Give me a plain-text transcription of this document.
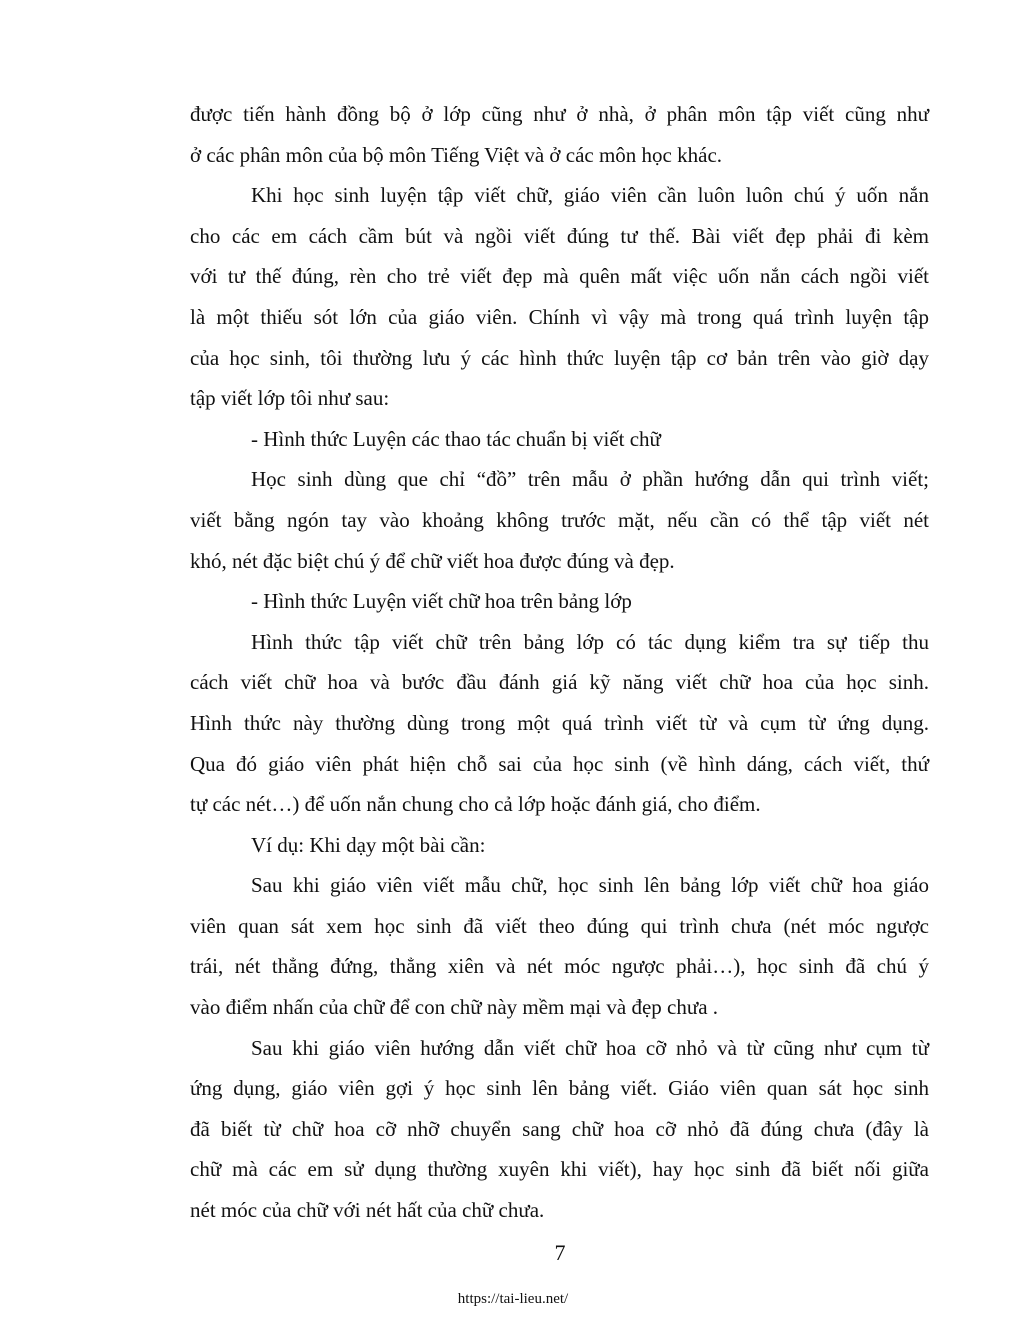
được tiến hành đồng bộ ở lớp cũng như ở nhà, ở phân môn tập viết cũng như
ở các phân môn của bộ môn Tiếng Việt và ở các môn học khác.

Khi học sinh luyện tập viết chữ, giáo viên cần luôn luôn chú ý uốn nắn
cho các em cách cầm bút và ngồi viết đúng tư thế. Bài viết đẹp phải đi kèm
với tư thế đúng, rèn cho trẻ viết đẹp mà quên mất việc uốn nắn cách ngồi viết
là một thiếu sót lớn của giáo viên. Chính vì vậy mà trong quá trình luyện tập
của học sinh, tôi thường lưu ý các hình thức luyện tập cơ bản trên vào giờ dạy
tập viết lớp tôi như sau:

- Hình thức Luyện các thao tác chuẩn bị viết chữ

Học sinh dùng que chỉ “đồ” trên mẫu ở phần hướng dẫn qui trình viết;
viết bằng ngón tay vào khoảng không trước mặt, nếu cần có thể tập viết nét
khó, nét đặc biệt chú ý để chữ viết hoa được đúng và đẹp.

- Hình thức Luyện viết chữ hoa trên bảng lớp

Hình thức tập viết chữ trên bảng lớp có tác dụng kiểm tra sự tiếp thu
cách viết chữ hoa và bước đầu đánh giá kỹ năng viết chữ hoa của học sinh.
Hình thức này thường dùng trong một quá trình viết từ và cụm từ ứng dụng.
Qua đó giáo viên phát hiện chỗ sai của học sinh (về hình dáng, cách viết, thứ
tự các nét…) để uốn nắn chung cho cả lớp hoặc đánh giá, cho điểm.

Ví dụ: Khi dạy một bài cần:

Sau khi giáo viên viết mẫu chữ, học sinh lên bảng lớp viết chữ hoa giáo
viên quan sát xem học sinh đã viết theo đúng qui trình chưa (nét móc ngược
trái, nét thẳng đứng, thẳng xiên và nét móc ngược phải…), học sinh đã chú ý
vào điểm nhấn của chữ để con chữ này mềm mại và đẹp chưa .

Sau khi giáo viên hướng dẫn viết chữ hoa cỡ nhỏ và từ cũng như cụm từ
ứng dụng, giáo viên gợi ý học sinh lên bảng viết. Giáo viên quan sát học sinh
đã biết từ chữ hoa cỡ nhỡ chuyển sang chữ hoa cỡ nhỏ đã đúng chưa (đây là
chữ mà các em sử dụng thường xuyên khi viết), hay học sinh đã biết nối giữa
nét móc của chữ với nét hất của chữ chưa.

7
https://tai-lieu.net/
